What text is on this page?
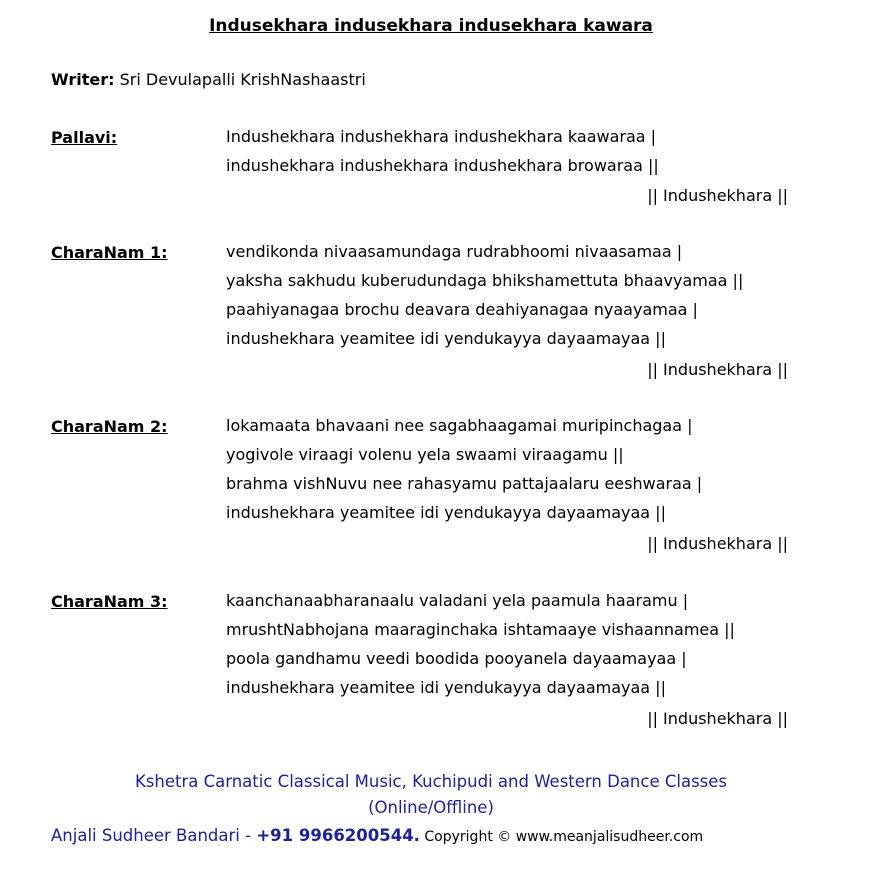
Indusekhara indusekhara indusekhara kawara
Writer: Sri Devulapalli KrishNashaastri
Pallavi:	Indushekhara indushekhara indushekhara kaawaraa |
indushekhara indushekhara indushekhara browaraa ||
|| Indushekhara ||
CharaNam 1:	vendikonda nivaasamundaga rudrabhoomi nivaasamaa |
yaksha sakhudu kuberudundaga bhikshamettuta bhaavyamaa ||
paahiyanagaa brochu deavara deahiyanagaa nyaayamaa |
indushekhara yeamitee idi yendukayya dayaamayaa ||
|| Indushekhara ||
CharaNam 2:	lokamaata bhavaani nee sagabhaagamai muripinchagaa |
yogivole viraagi volenu yela swaami viraagamu ||
brahma vishNuvu nee rahasyamu pattajaalaru eeshwaraa |
indushekhara yeamitee idi yendukayya dayaamayaa ||
|| Indushekhara ||
CharaNam 3:	kaanchanaabharanaalu valadani yela paamula haaramu |
mrushtNabhojana maaraginchaka ishtamaaye vishaannamea ||
poola gandhamu veedi boodida pooyanela dayaamayaa |
indushekhara yeamitee idi yendukayya dayaamayaa ||
|| Indushekhara ||
Kshetra Carnatic Classical Music, Kuchipudi and Western Dance Classes
(Online/Offline)
Anjali Sudheer Bandari - +91 9966200544. Copyright © www.meanjalisudheer.com
